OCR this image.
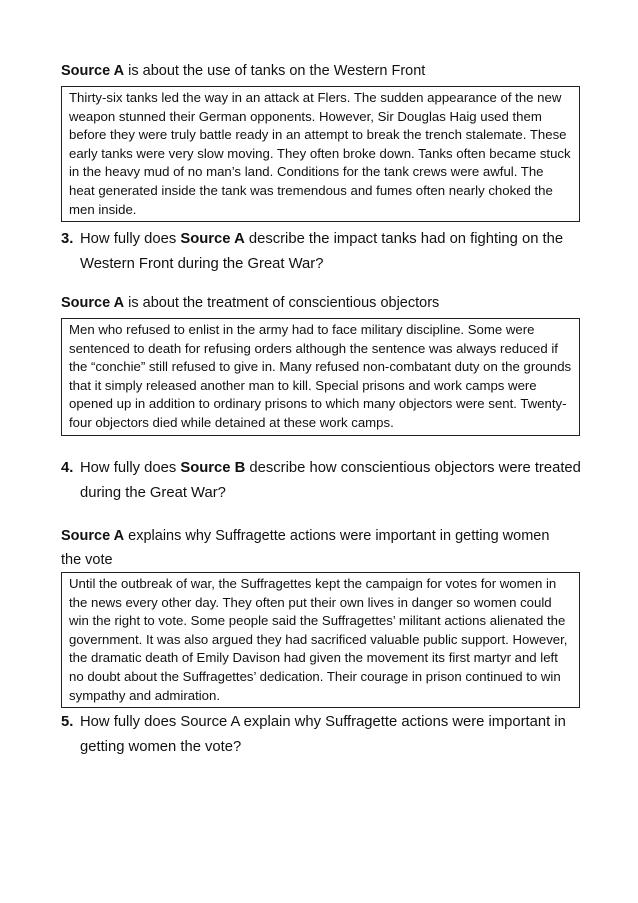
Source A is about the use of tanks on the Western Front
Thirty-six tanks led the way in an attack at Flers. The sudden appearance of the new weapon stunned their German opponents. However, Sir Douglas Haig used them before they were truly battle ready in an attempt to break the trench stalemate. These early tanks were very slow moving. They often broke down. Tanks often became stuck in the heavy mud of no man’s land. Conditions for the tank crews were awful. The heat generated inside the tank was tremendous and fumes often nearly choked the men inside.
3. How fully does Source A describe the impact tanks had on fighting on the Western Front during the Great War?
Source A is about the treatment of conscientious objectors
Men who refused to enlist in the army had to face military discipline. Some were sentenced to death for refusing orders although the sentence was always reduced if the “conchie” still refused to give in. Many refused non-combatant duty on the grounds that it simply released another man to kill. Special prisons and work camps were opened up in addition to ordinary prisons to which many objectors were sent. Twenty-four objectors died while detained at these work camps.
4. How fully does Source B describe how conscientious objectors were treated during the Great War?
Source A explains why Suffragette actions were important in getting women the vote
Until the outbreak of war, the Suffragettes kept the campaign for votes for women in the news every other day. They often put their own lives in danger so women could win the right to vote. Some people said the Suffragettes’ militant actions alienated the government. It was also argued they had sacrificed valuable public support. However, the dramatic death of Emily Davison had given the movement its first martyr and left no doubt about the Suffragettes’ dedication. Their courage in prison continued to win sympathy and admiration.
5. How fully does Source A explain why Suffragette actions were important in getting women the vote?
